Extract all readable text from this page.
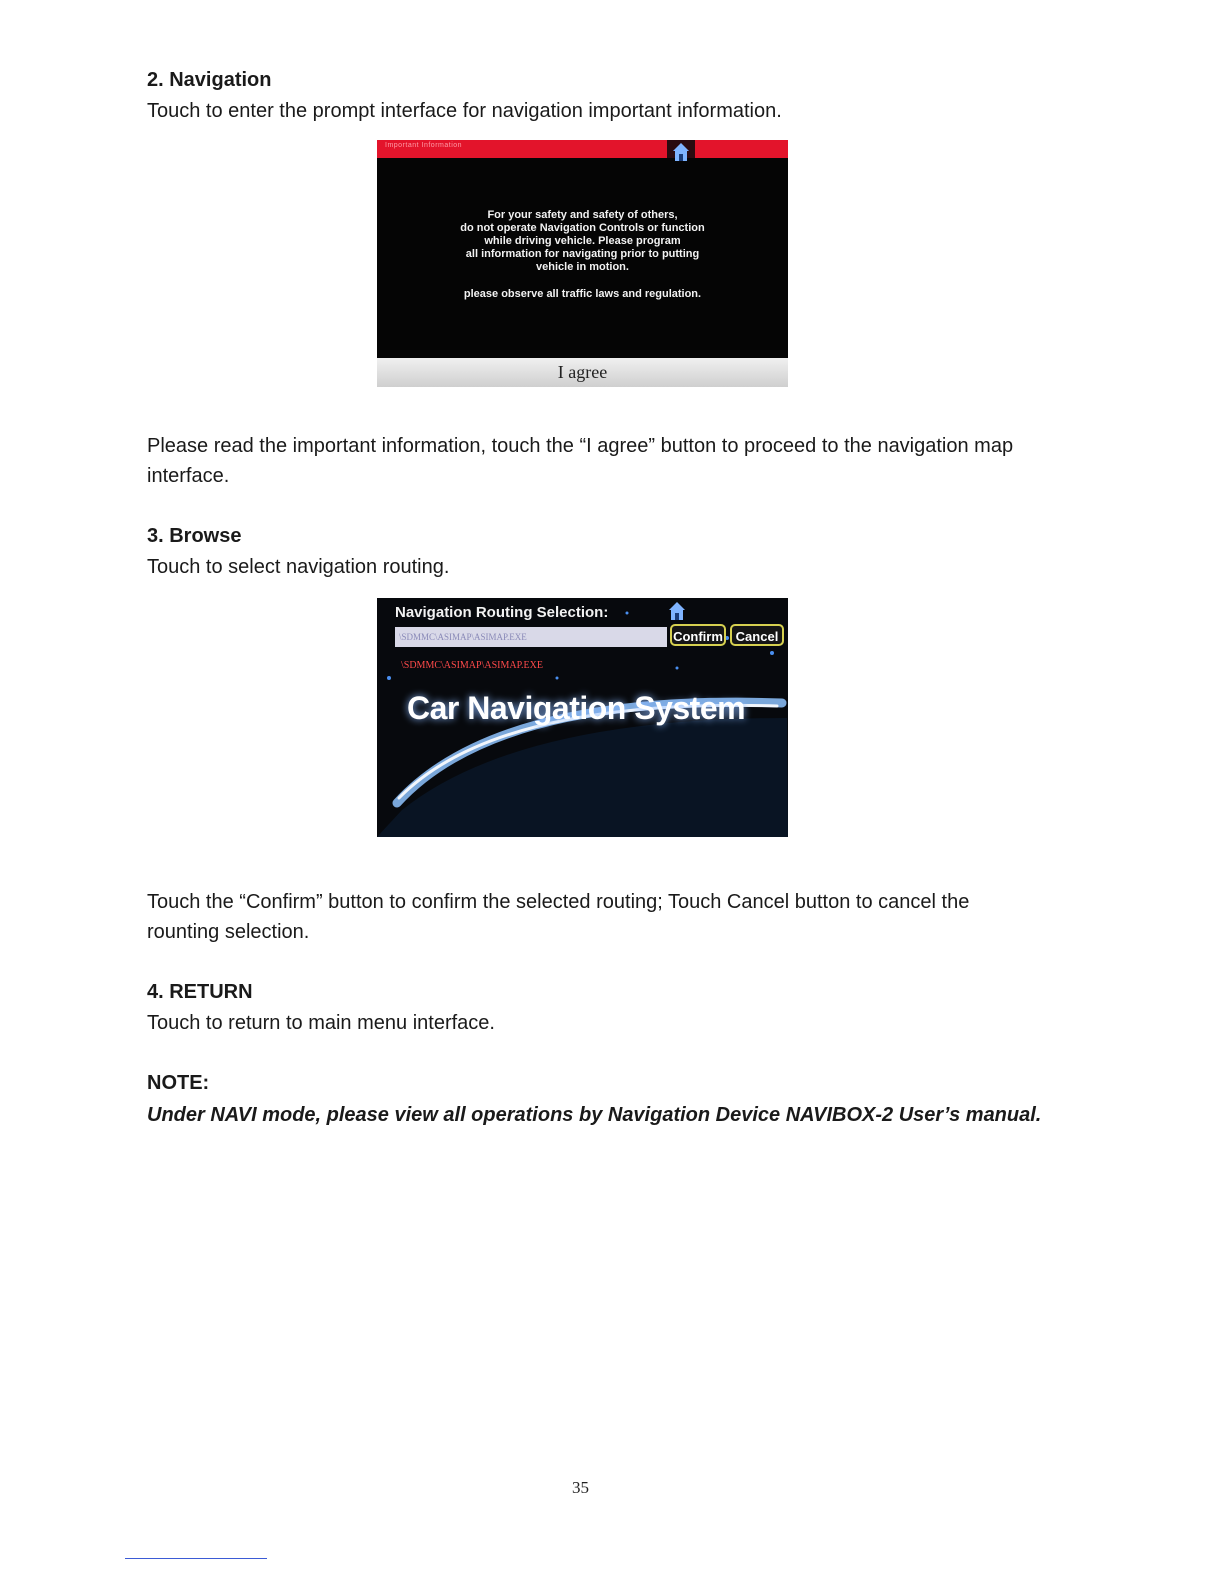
2. Navigation
Touch to enter the prompt interface for navigation important information.
Important Information
For your safety and safety of others,
do not operate Navigation Controls or function
while driving vehicle. Please program
all information for navigating prior to putting
vehicle in motion.
please observe all traffic laws and regulation.
I agree
Please read the important information, touch the “I agree” button to proceed to the navigation map interface.
3. Browse
Touch to select navigation routing.
Navigation Routing Selection:
\SDMMC\ASIMAP\ASIMAP.EXE	Confirm Cancel
\SDMMC\ASIMAP\ASIMAP.EXE
Car Navigation System
Touch the “Confirm” button to confirm the selected routing; Touch Cancel button to cancel the rounting selection.
4. RETURN
Touch to return to main menu interface.
NOTE:
Under NAVI mode, please view all operations by Navigation Device NAVIBOX-2 User’s manual.
35
